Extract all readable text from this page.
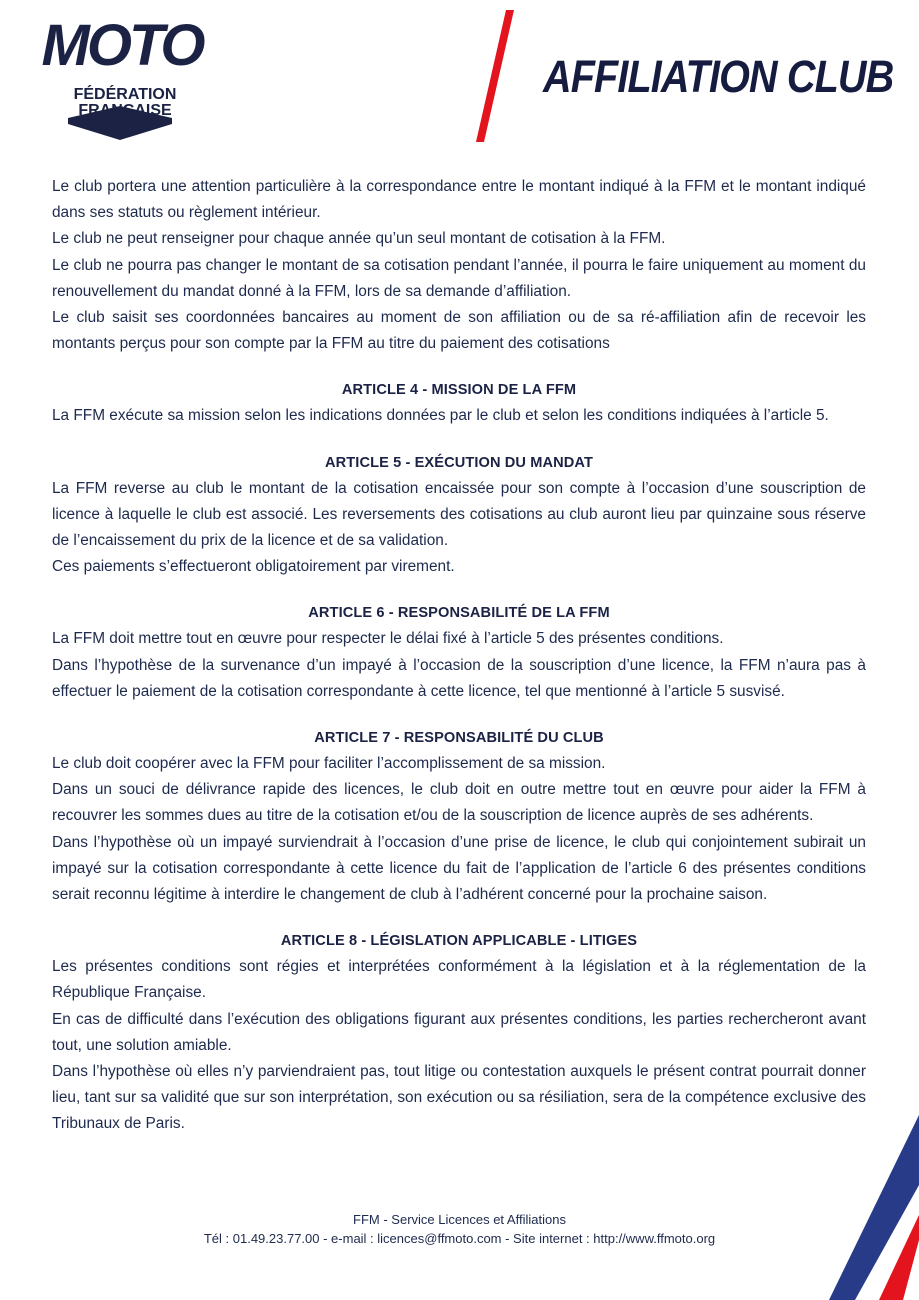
MOTO
FÉDÉRATION
FRANÇAISE
AFFILIATION CLUB

Le club portera une attention particulière à la correspondance entre le montant indiqué à la FFM et le montant indiqué dans ses statuts ou règlement intérieur.

Le club ne peut renseigner pour chaque année qu’un seul montant de cotisation à la FFM.

Le club ne pourra pas changer le montant de sa cotisation pendant l’année, il pourra le faire uniquement au moment du renouvellement du mandat donné à la FFM, lors de sa demande d’affiliation.

Le club saisit ses coordonnées bancaires au moment de son affiliation ou de sa ré-affiliation afin de recevoir les montants perçus pour son compte par la FFM au titre du paiement des cotisations

ARTICLE 4 - MISSION DE LA FFM

La FFM exécute sa mission selon les indications données par le club et selon les conditions indiquées à l’article 5.

ARTICLE 5 - EXÉCUTION DU MANDAT

La FFM reverse au club le montant de la cotisation encaissée pour son compte à l’occasion d’une souscription de licence à laquelle le club est associé. Les reversements des cotisations au club auront lieu par quinzaine sous réserve de l’encaissement du prix de la licence et de sa validation.

Ces paiements s’effectueront obligatoirement par virement.

ARTICLE 6 - RESPONSABILITÉ DE LA FFM

La FFM doit mettre tout en œuvre pour respecter le délai fixé à l’article 5 des présentes conditions.

Dans l’hypothèse de la survenance d’un impayé à l’occasion de la souscription d’une licence, la FFM n’aura pas à effectuer le paiement de la cotisation correspondante à cette licence, tel que mentionné à l’article 5 susvisé.

ARTICLE 7 - RESPONSABILITÉ DU CLUB

Le club doit coopérer avec la FFM pour faciliter l’accomplissement de sa mission.

Dans un souci de délivrance rapide des licences, le club doit en outre mettre tout en œuvre pour aider la FFM à recouvrer les sommes dues au titre de la cotisation et/ou de la souscription de licence auprès de ses adhérents.

Dans l’hypothèse où un impayé surviendrait à l’occasion d’une prise de licence, le club qui conjointement subirait un impayé sur la cotisation correspondante à cette licence du fait de l’application de l’article 6 des présentes conditions serait reconnu légitime à interdire le changement de club à l’adhérent concerné pour la prochaine saison.

ARTICLE 8 - LÉGISLATION APPLICABLE - LITIGES

Les présentes conditions sont régies et interprétées conformément à la législation et à la réglementation de la République Française.

En cas de difficulté dans l’exécution des obligations figurant aux présentes conditions, les parties rechercheront avant tout, une solution amiable.

Dans l’hypothèse où elles n’y parviendraient pas, tout litige ou contestation auxquels le présent contrat pourrait donner lieu, tant sur sa validité que sur son interprétation, son exécution ou sa résiliation, sera de la compétence exclusive des Tribunaux de Paris.

FFM - Service Licences et Affiliations
Tél : 01.49.23.77.00 - e-mail : licences@ffmoto.com - Site internet : http://www.ffmoto.org
